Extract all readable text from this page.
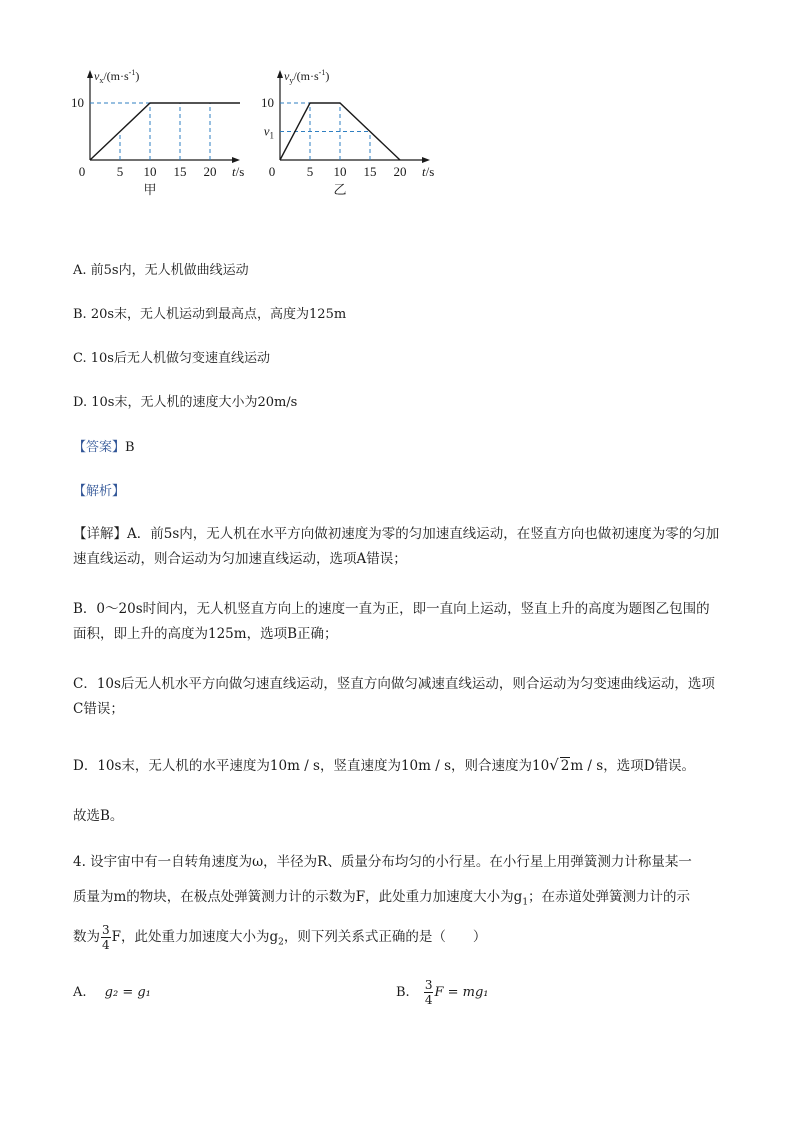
0 5 10 15 20
10
t/s
$v_x/(m\cdot s^{-1})$
甲
0 5 10 15 20
10
$v_1$
t/s
$v_y/(m\cdot s^{-1})$
乙
A. 前5s内，无人机做曲线运动
B. 20s末，无人机运动到最高点，高度为125m
C. 10s后无人机做匀变速直线运动
D. 10s末，无人机的速度大小为20m/s
【答案】B
【解析】
【详解】A．前5s内，无人机在水平方向做初速度为零的匀加速直线运动，在竖直方向也做初速度为零的匀加速直线运动，则合运动为匀加速直线运动，选项A错误；
B．0～20s时间内，无人机竖直方向上的速度一直为正，即一直向上运动，竖直上升的高度为题图乙包围的面积，即上升的高度为125m，选项B正确；
C．10s后无人机水平方向做匀速直线运动，竖直方向做匀减速直线运动，则合运动为匀变速曲线运动，选项C错误；
D．10s末，无人机的水平速度为10m / s，竖直速度为10m / s，则合速度为10√ 2m / s，选项D错误。
故选B。
4. 设宇宙中有一自转角速度为ω，半径为R、质量分布均匀的小行星。在小行星上用弹簧测力计称量某一
质量为m的物块，在极点处弹簧测力计的示数为F，此处重力加速度大小为$g_1$；在赤道处弹簧测力计的示
数为 $\frac{3}{4}$ F，此处重力加速度大小为$g_2$，则下列关系式正确的是（　　）
A. g₂ = g₁	B. $\frac{3}{4}$ F = mg₁
